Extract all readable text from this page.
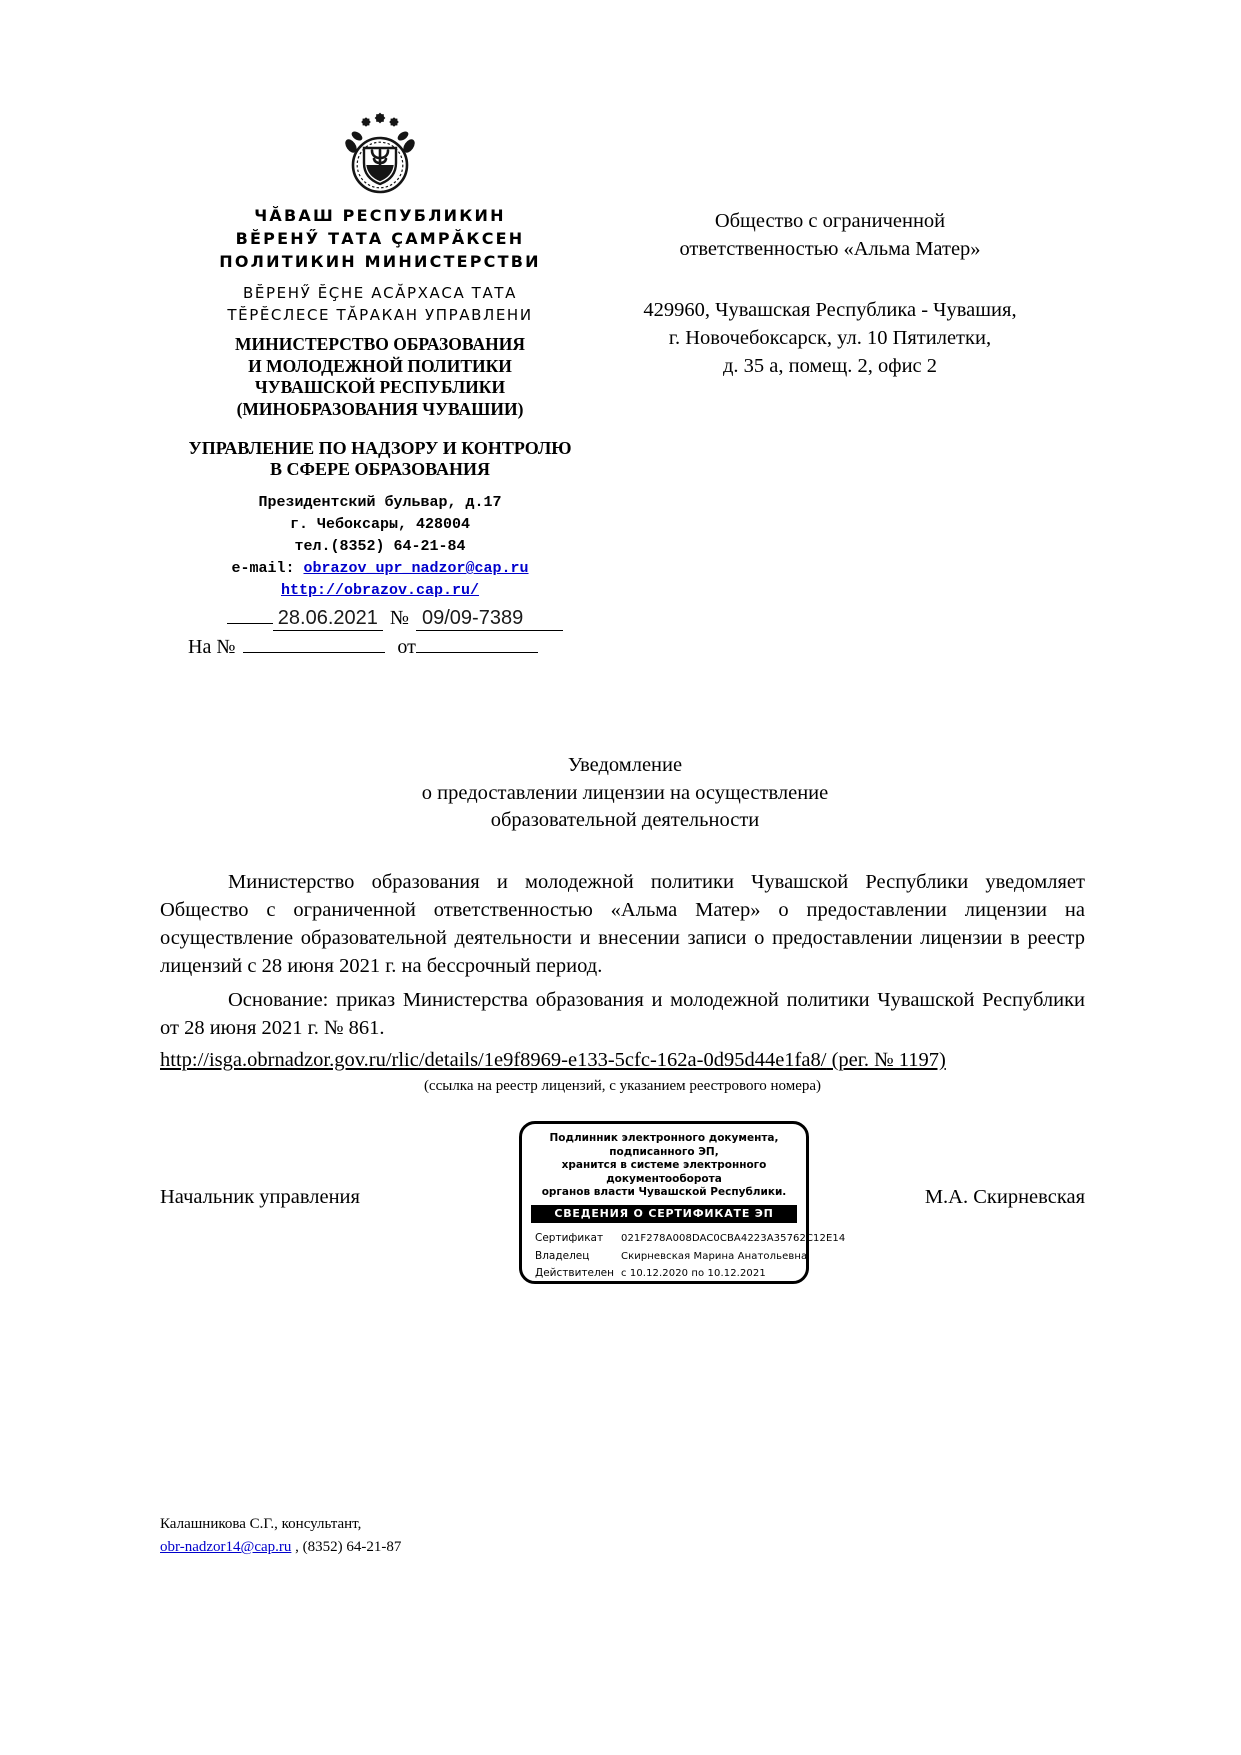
ЧӐВАШ РЕСПУБЛИКИН
ВӖРЕНӲ ТАТА ҪАМРӐКСЕН
ПОЛИТИКИН МИНИСТЕРСТВИ
ВӖРЕНӲ ӖҪНЕ АСӐРХАСА ТАТА
ТӖРӖСЛЕСЕ ТӐРАКАН УПРАВЛЕНИ
МИНИСТЕРСТВО ОБРАЗОВАНИЯ
И МОЛОДЕЖНОЙ ПОЛИТИКИ
ЧУВАШСКОЙ РЕСПУБЛИКИ
(МИНОБРАЗОВАНИЯ ЧУВАШИИ)
УПРАВЛЕНИЕ ПО НАДЗОРУ И КОНТРОЛЮ
В СФЕРЕ ОБРАЗОВАНИЯ
Президентский бульвар, д.17
г. Чебоксары, 428004
тел.(8352) 64-21-84
e-mail: obrazov_upr_nadzor@cap.ru
http://obrazov.cap.ru/
28.06.2021 № 09/09-7389
На №	от
Общество с ограниченной
ответственностью «Альма Матер»
429960, Чувашская Республика - Чувашия,
г. Новочебоксарск, ул. 10 Пятилетки,
д. 35 а, помещ. 2, офис 2
Уведомление
о предоставлении лицензии на осуществление
образовательной деятельности
Министерство образования и молодежной политики Чувашской Республики уведомляет Общество с ограниченной ответственностью «Альма Матер» о предоставлении лицензии на осуществление образовательной деятельности и внесении записи о предоставлении лицензии в реестр лицензий с 28 июня 2021 г. на бессрочный период.
Основание: приказ Министерства образования и молодежной политики Чувашской Республики от 28 июня 2021 г. № 861.
http://isga.obrnadzor.gov.ru/rlic/details/1e9f8969-e133-5cfc-162a-0d95d44e1fa8/ (рег. № 1197)
(ссылка на реестр лицензий, с указанием реестрового номера)
Начальник управления	М.А. Скирневская
Подлинник электронного документа,
подписанного ЭП,
хранится в системе электронного документооборота
органов власти Чувашской Республики.
СВЕДЕНИЯ О СЕРТИФИКАТЕ ЭП
Сертификат 021F278A008DAC0CBA4223A35762C12E14
Владелец	Скирневская Марина Анатольевна
Действителен с 10.12.2020 по 10.12.2021
Калашникова С.Г., консультант,
obr-nadzor14@cap.ru , (8352) 64-21-87
